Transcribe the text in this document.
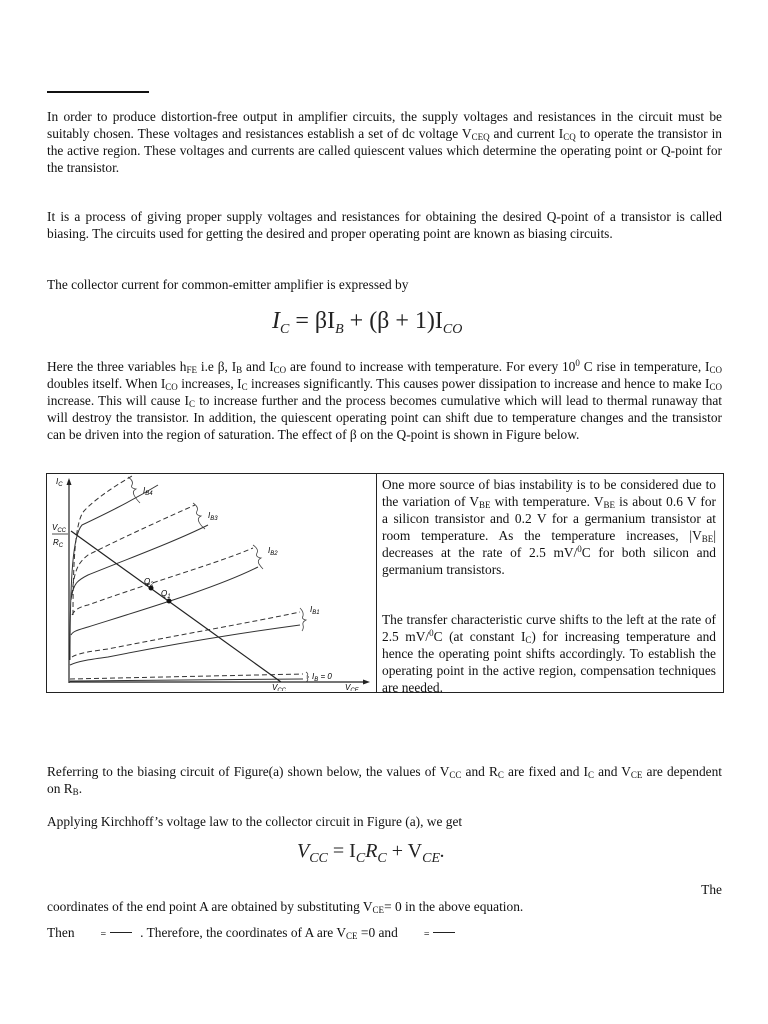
In order to produce distortion-free output in amplifier circuits, the supply voltages and resistances in the circuit must be suitably chosen. These voltages and resistances establish a set of dc voltage $V_{CEQ}$ and current $I_{CQ}$ to operate the transistor in the active region. These voltages and currents are called quiescent values which determine the operating point or Q-point for the transistor.

It is a process of giving proper supply voltages and resistances for obtaining the desired Q-point of a transistor is called biasing. The circuits used for getting the desired and proper operating point are known as biasing circuits.

The collector current for common-emitter amplifier is expressed by

$I_C = \beta I_B + (\beta + 1)I_{CO}$

Here the three variables $h_{FE}$ i.e β, $I_B$ and $I_{CO}$ are found to increase with temperature. For every $10^0$ C rise in temperature, $I_{CO}$ doubles itself. When $I_{CO}$ increases, $I_C$ increases significantly. This causes power dissipation to increase and hence to make $I_{CO}$ increase. This will cause $I_C$ to increase further and the process becomes cumulative which will lead to thermal runaway that will destroy the transistor. In addition, the quiescent operating point can shift due to temperature changes and the transistor can be driven into the region of saturation. The effect of β on the Q-point is shown in Figure below.

$I_C$
$V_{CC}$
$R_C$
$I_{B4}$
$I_{B3}$
$I_{B2}$
$I_{B1}$
$I_B = 0$
$Q_2$
$Q_1$
$V_{CC}$	$V_{CE}$

One more source of bias instability is to be considered due to the variation of $V_{BE}$ with temperature. $V_{BE}$ is about 0.6 V for a silicon transistor and 0.2 V for a germanium transistor at room temperature. As the temperature increases, $|V_{BE}|$ decreases at the rate of 2.5 mV/$^0$C for both silicon and germanium transistors.

The transfer characteristic curve shifts to the left at the rate of 2.5 mV/$^0$C (at constant $I_C$) for increasing temperature and hence the operating point shifts accordingly. To establish the operating point in the active region, compensation techniques are needed.

Referring to the biasing circuit of Figure(a) shown below, the values of $V_{CC}$ and $R_C$ are fixed and $I_C$ and $V_{CE}$ are dependent on $R_B$.

Applying Kirchhoff’s voltage law to the collector circuit in Figure (a), we get

$V_{CC} = I_CR_C + V_{CE}$.

The

coordinates of the end point A are obtained by substituting $V_{CE}= 0$ in the above equation.

Then	=	. Therefore, the coordinates of A are $V_{CE} =0$ and	=
